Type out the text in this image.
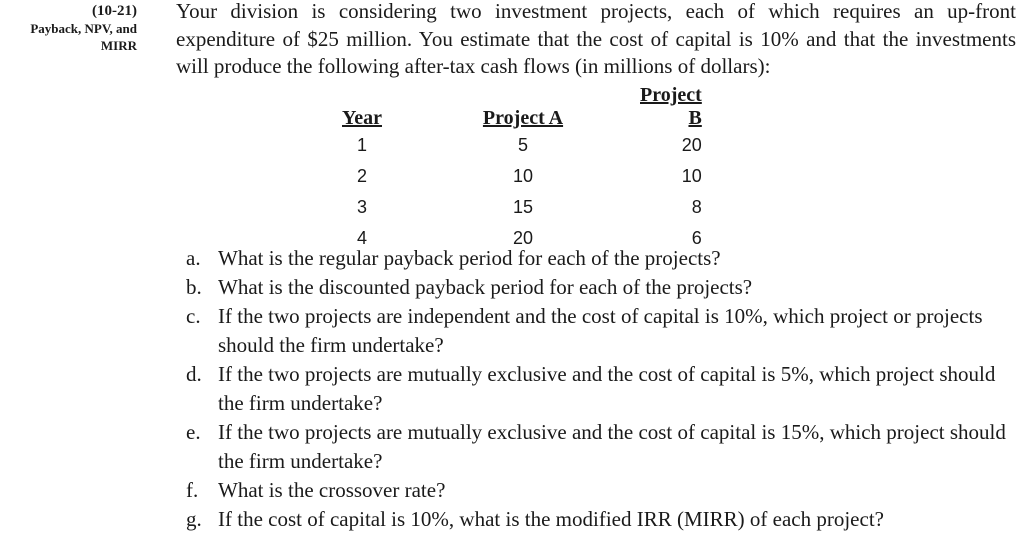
(10-21)
Payback, NPV, and
MIRR

Your division is considering two investment projects, each of which requires an up-front expenditure of $25 million. You estimate that the cost of capital is 10% and that the investments will produce the following after-tax cash flows (in millions of dollars):

Year	Project A	Project B
1	5	20
2	10	10
3	15	8
4	20	6
a. What is the regular payback period for each of the projects?
b. What is the discounted payback period for each of the projects?
c. If the two projects are independent and the cost of capital is 10%, which project or projects should the firm undertake?
d. If the two projects are mutually exclusive and the cost of capital is 5%, which project should the firm undertake?
e. If the two projects are mutually exclusive and the cost of capital is 15%, which project should the firm undertake?
f. What is the crossover rate?
g. If the cost of capital is 10%, what is the modified IRR (MIRR) of each project?
